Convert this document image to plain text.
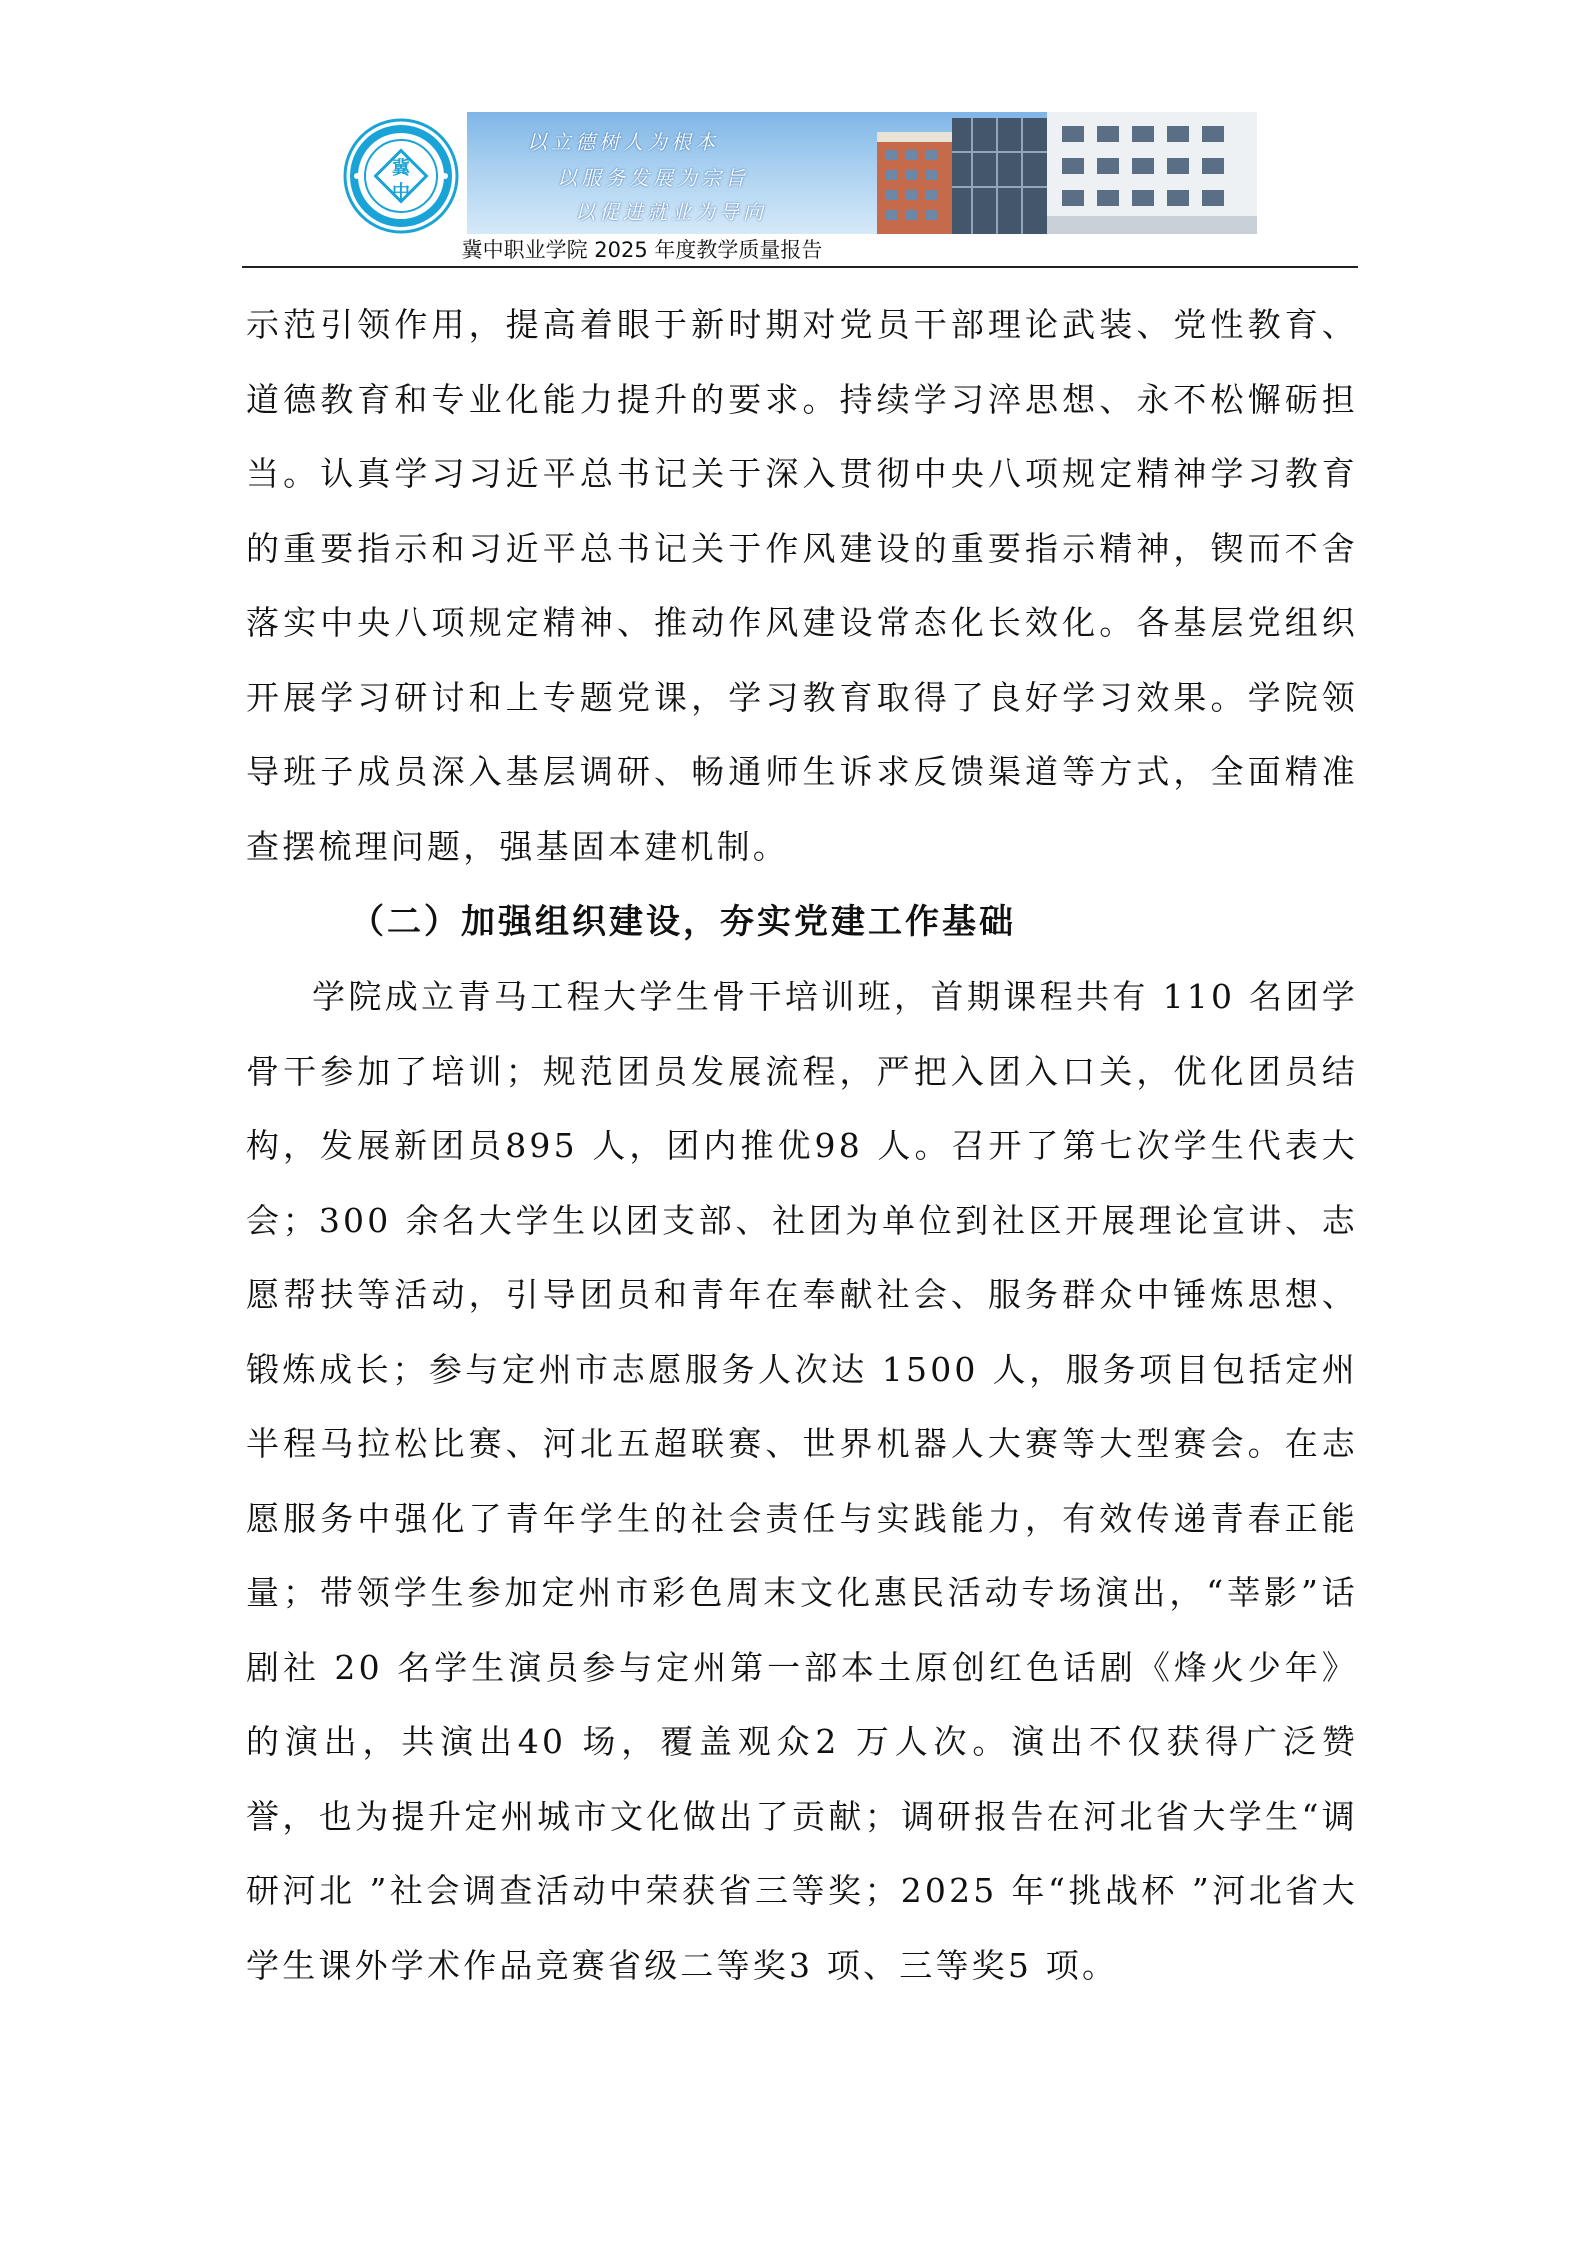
冀
中
以立德树人为根本
以服务发展为宗旨
以促进就业为导向
冀中职业学院 2025 年度教学质量报告

示范引领作用，提高着眼于新时期对党员干部理论武装、党性教育、道德教育和专业化能力提升的要求。持续学习淬思想、永不松懈砺担当。认真学习习近平总书记关于深入贯彻中央八项规定精神学习教育的重要指示和习近平总书记关于作风建设的重要指示精神，锲而不舍落实中央八项规定精神、推动作风建设常态化长效化。各基层党组织开展学习研讨和上专题党课，学习教育取得了良好学习效果。学院领导班子成员深入基层调研、畅通师生诉求反馈渠道等方式，全面精准查摆梳理问题，强基固本建机制。

（二）加强组织建设，夯实党建工作基础

学院成立青马工程大学生骨干培训班，首期课程共有 110 名团学骨干参加了培训；规范团员发展流程，严把入团入口关，优化团员结构，发展新团员895 人，团内推优98 人。召开了第七次学生代表大会；300 余名大学生以团支部、社团为单位到社区开展理论宣讲、志愿帮扶等活动，引导团员和青年在奉献社会、服务群众中锤炼思想、锻炼成长；参与定州市志愿服务人次达 1500 人，服务项目包括定州半程马拉松比赛、河北五超联赛、世界机器人大赛等大型赛会。在志愿服务中强化了青年学生的社会责任与实践能力，有效传递青春正能量；带领学生参加定州市彩色周末文化惠民活动专场演出，“莘影”话剧社 20 名学生演员参与定州第一部本土原创红色话剧《烽火少年》的演出，共演出40 场，覆盖观众2 万人次。演出不仅获得广泛赞誉，也为提升定州城市文化做出了贡献；调研报告在河北省大学生“调研河北 ”社会调查活动中荣获省三等奖；2025 年“挑战杯 ”河北省大学生课外学术作品竞赛省级二等奖3 项、三等奖5 项。
